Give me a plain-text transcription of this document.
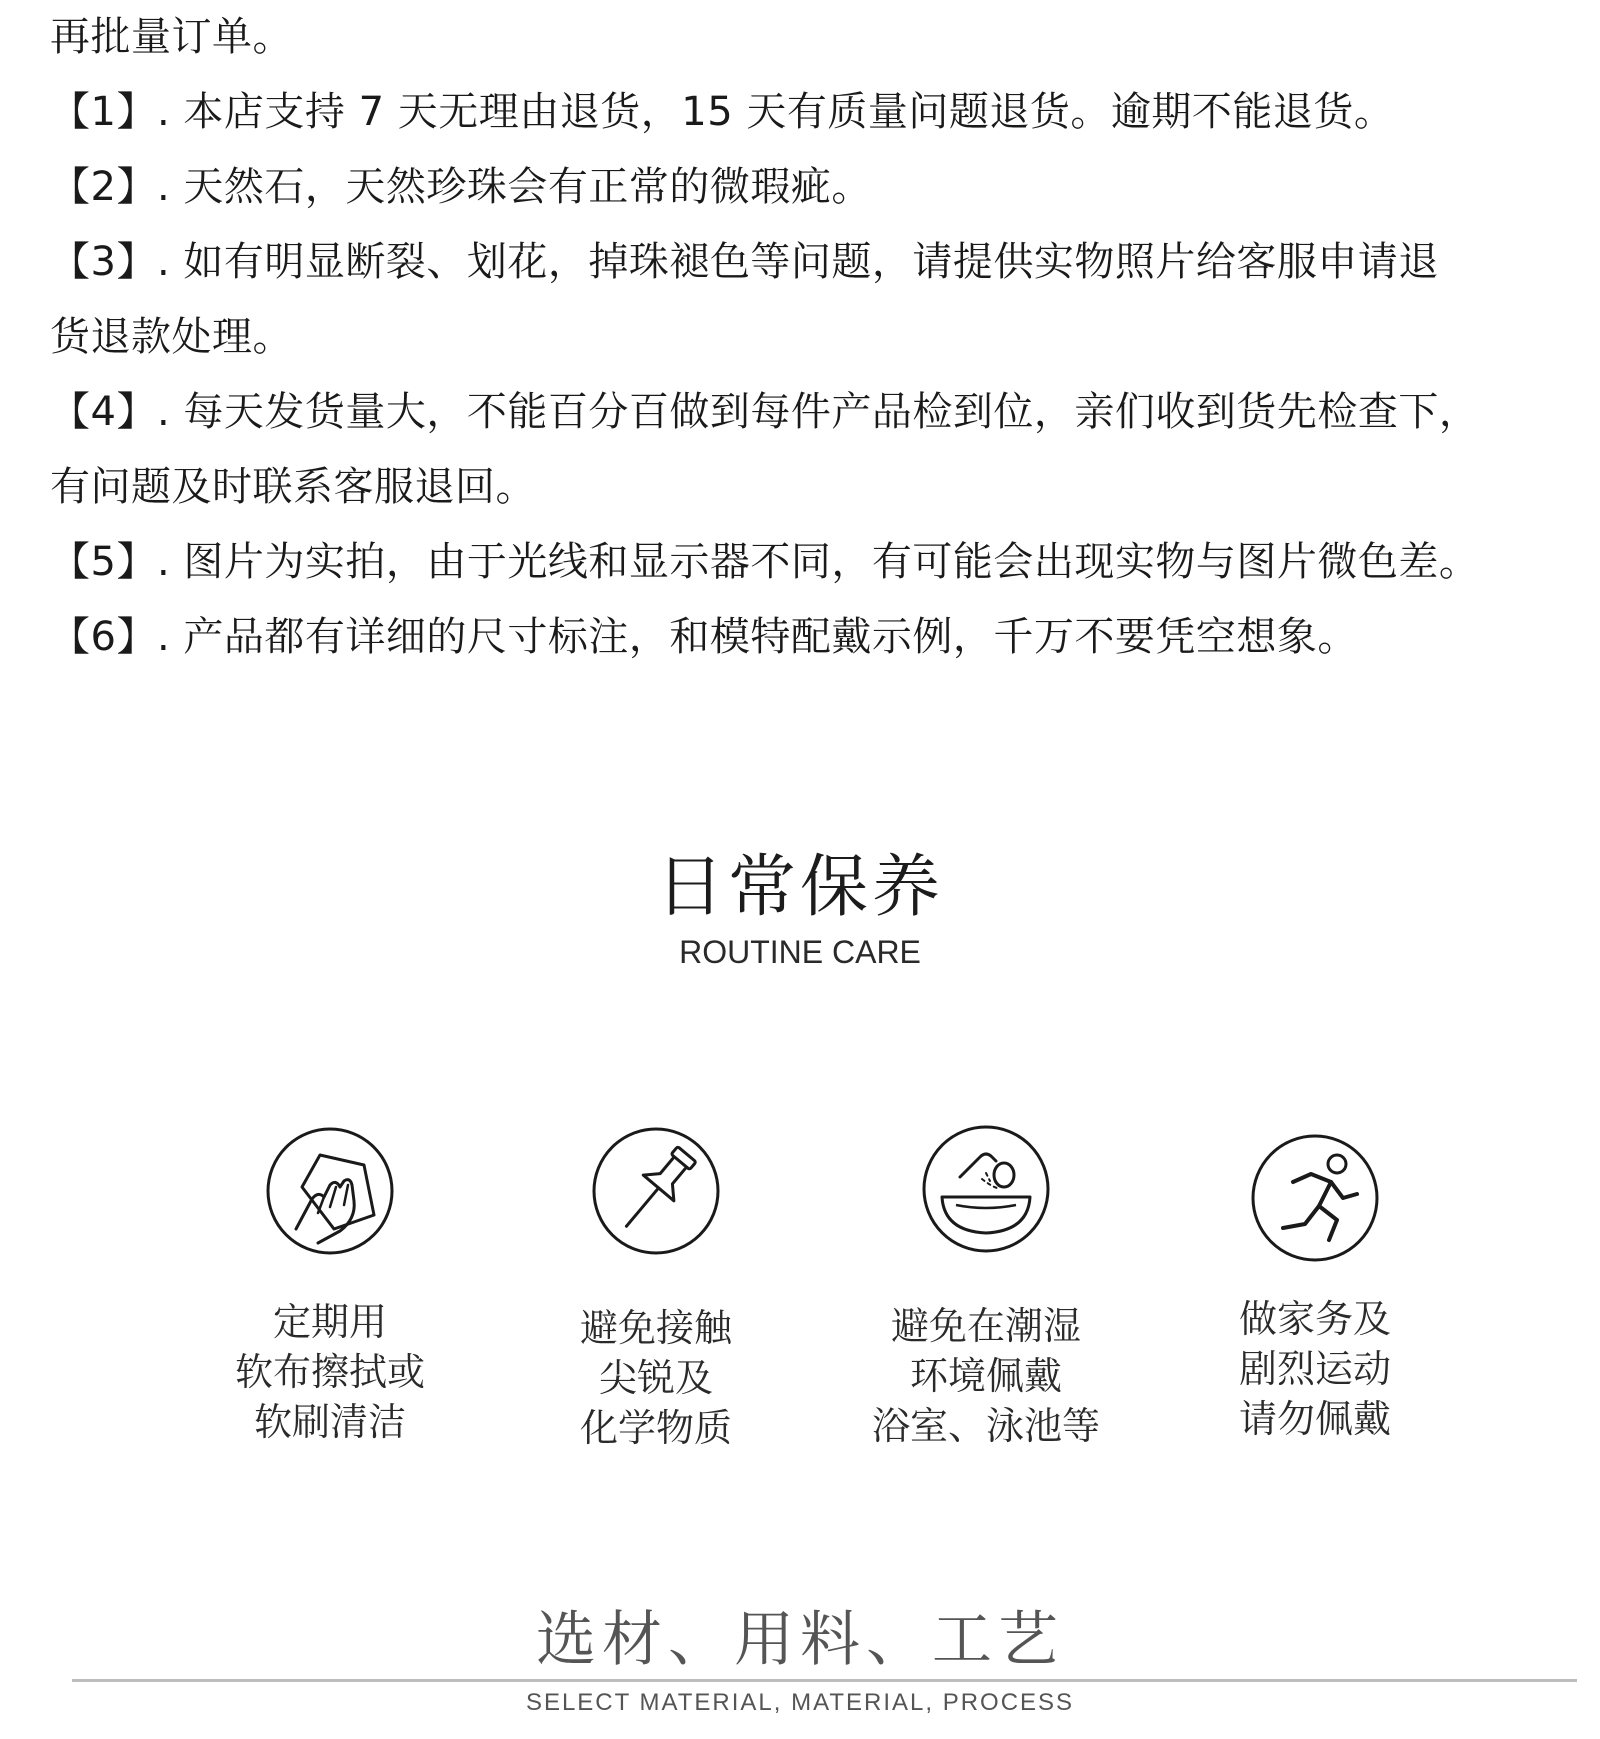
再批量订单。
【1】. 本店支持 7 天无理由退货，15 天有质量问题退货。逾期不能退货。
【2】. 天然石，天然珍珠会有正常的微瑕疵。
【3】. 如有明显断裂、划花，掉珠褪色等问题，请提供实物照片给客服申请退
货退款处理。
【4】. 每天发货量大，不能百分百做到每件产品检到位，亲们收到货先检查下，
有问题及时联系客服退回。
【5】. 图片为实拍，由于光线和显示器不同，有可能会出现实物与图片微色差。
【6】. 产品都有详细的尺寸标注，和模特配戴示例，千万不要凭空想象。
日常保养
ROUTINE CARE
定期用
软布擦拭或
软刷清洁
避免接触
尖锐及
化学物质
避免在潮湿
环境佩戴
浴室、泳池等
做家务及
剧烈运动
请勿佩戴
选材、用料、工艺
SELECT MATERIAL, MATERIAL, PROCESS
